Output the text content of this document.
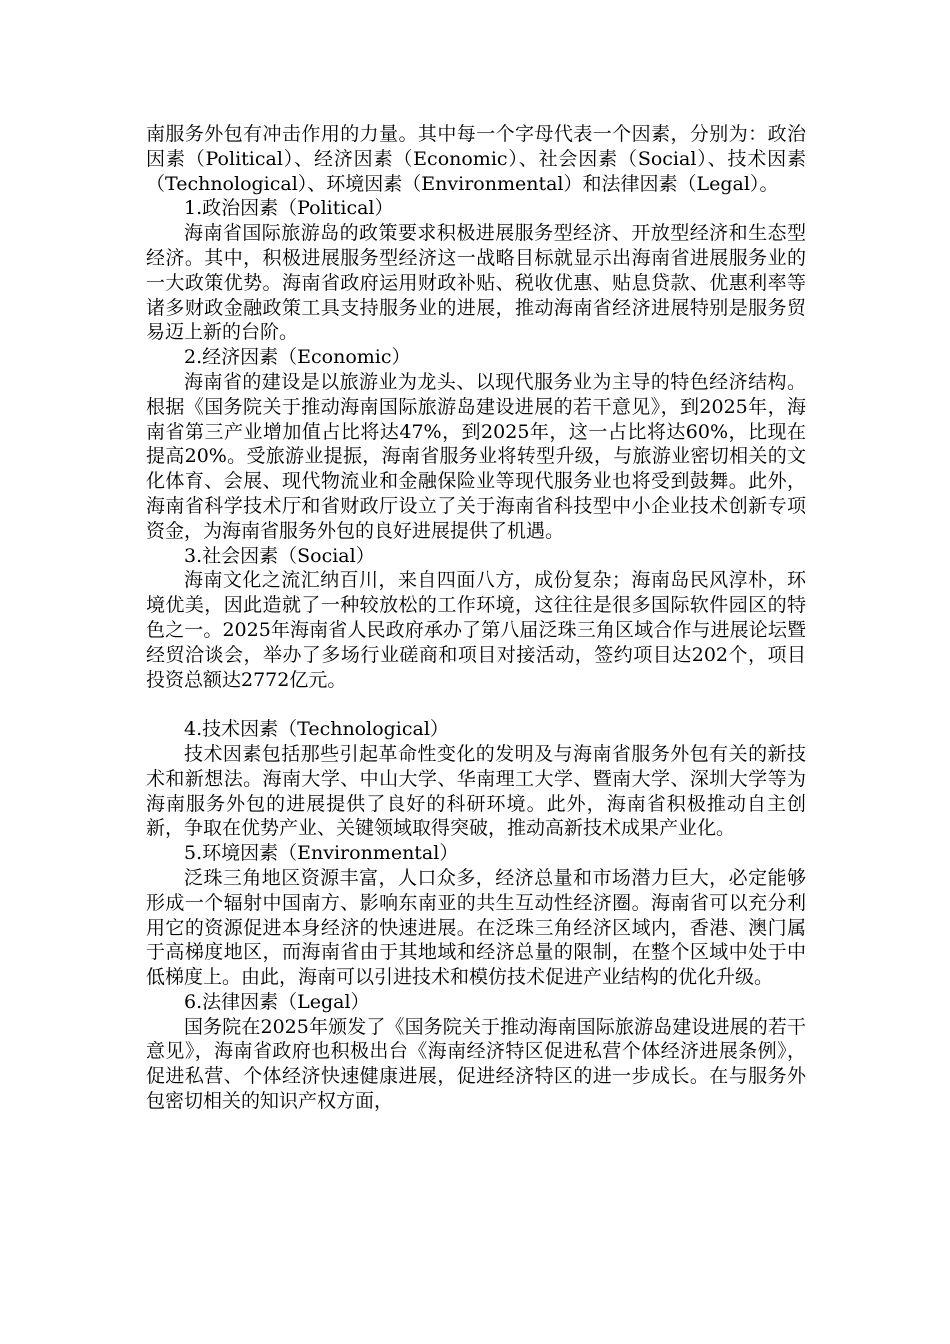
南服务外包有冲击作用的力量。其中每一个字母代表一个因素，分别为：政治因素（Political）、经济因素（Economic）、社会因素（Social）、技术因素（Technological）、环境因素（Environmental）和法律因素（Legal）。

1.政治因素（Political）

海南省国际旅游岛的政策要求积极进展服务型经济、开放型经济和生态型经济。其中，积极进展服务型经济这一战略目标就显示出海南省进展服务业的一大政策优势。海南省政府运用财政补贴、税收优惠、贴息贷款、优惠利率等诸多财政金融政策工具支持服务业的进展，推动海南省经济进展特别是服务贸易迈上新的台阶。

2.经济因素（Economic）

海南省的建设是以旅游业为龙头、以现代服务业为主导的特色经济结构。根据《国务院关于推动海南国际旅游岛建设进展的若干意见》，到2025年，海南省第三产业增加值占比将达47%，到2025年，这一占比将达60%，比现在提高20%。受旅游业提振，海南省服务业将转型升级，与旅游业密切相关的文化体育、会展、现代物流业和金融保险业等现代服务业也将受到鼓舞。此外，海南省科学技术厅和省财政厅设立了关于海南省科技型中小企业技术创新专项资金，为海南省服务外包的良好进展提供了机遇。

3.社会因素（Social）

海南文化之流汇纳百川，来自四面八方，成份复杂；海南岛民风淳朴，环境优美，因此造就了一种较放松的工作环境，这往往是很多国际软件园区的特色之一。2025年海南省人民政府承办了第八届泛珠三角区域合作与进展论坛暨经贸洽谈会，举办了多场行业磋商和项目对接活动，签约项目达202个，项目投资总额达2772亿元。

4.技术因素（Technological）

技术因素包括那些引起革命性变化的发明及与海南省服务外包有关的新技术和新想法。海南大学、中山大学、华南理工大学、暨南大学、深圳大学等为海南服务外包的进展提供了良好的科研环境。此外，海南省积极推动自主创新，争取在优势产业、关键领域取得突破，推动高新技术成果产业化。

5.环境因素（Environmental）

泛珠三角地区资源丰富，人口众多，经济总量和市场潜力巨大，必定能够形成一个辐射中国南方、影响东南亚的共生互动性经济圈。海南省可以充分利用它的资源促进本身经济的快速进展。在泛珠三角经济区域内，香港、澳门属于高梯度地区，而海南省由于其地域和经济总量的限制，在整个区域中处于中低梯度上。由此，海南可以引进技术和模仿技术促进产业结构的优化升级。

6.法律因素（Legal）

国务院在2025年颁发了《国务院关于推动海南国际旅游岛建设进展的若干意见》，海南省政府也积极出台《海南经济特区促进私营个体经济进展条例》，促进私营、个体经济快速健康进展，促进经济特区的进一步成长。在与服务外包密切相关的知识产权方面，
